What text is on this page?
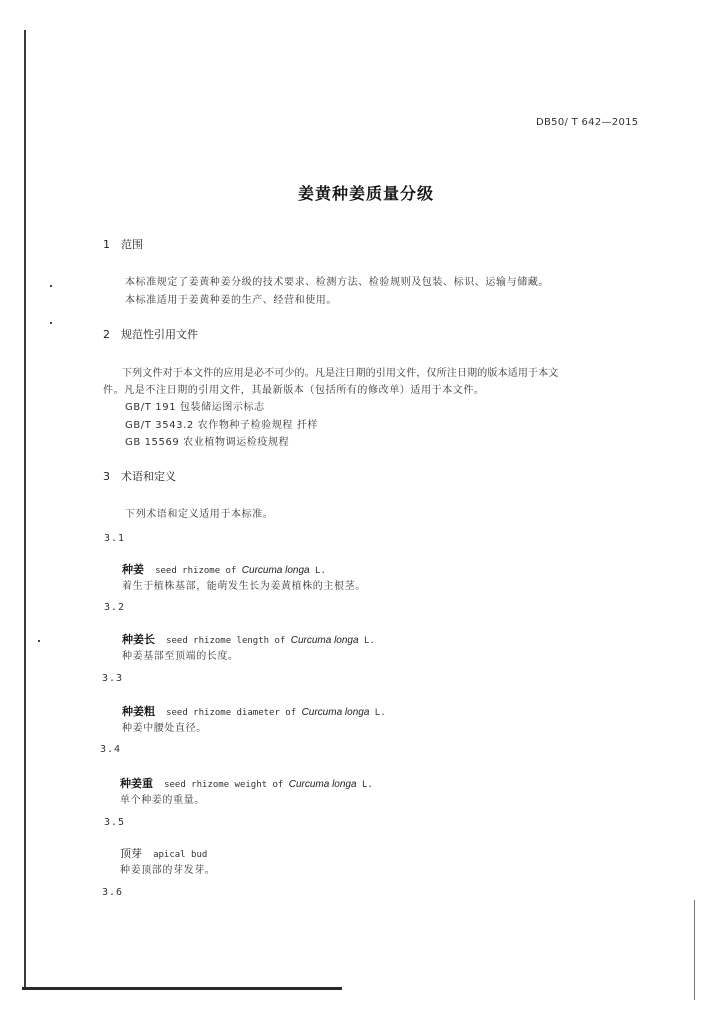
DB50/ T 642—2015
姜黄种姜质量分级
1　范围
本标准规定了姜黄种姜分级的技术要求、检测方法、检验规则及包装、标识、运输与储藏。
本标准适用于姜黄种姜的生产、经营和使用。
2　规范性引用文件
下列文件对于本文件的应用是必不可少的。凡是注日期的引用文件，仅所注日期的版本适用于本文
件。凡是不注日期的引用文件，其最新版本（包括所有的修改单）适用于本文件。
GB/T 191 包装储运图示标志
GB/T 3543.2 农作物种子检验规程 扦样
GB 15569 农业植物调运检疫规程
3　术语和定义
下列术语和定义适用于本标准。
3.1
种姜 seed rhizome of Curcuma longa L.
着生于植株基部，能萌发生长为姜黄植株的主根茎。
3.2
种姜长 seed rhizome length of Curcuma longa L.
种姜基部至顶端的长度。
3.3
种姜粗 seed rhizome diameter of Curcuma longa L.
种姜中腰处直径。
3.4
种姜重 seed rhizome weight of Curcuma longa L.
单个种姜的重量。
3.5
顶芽 apical bud
种姜顶部的芽发芽。
3.6
